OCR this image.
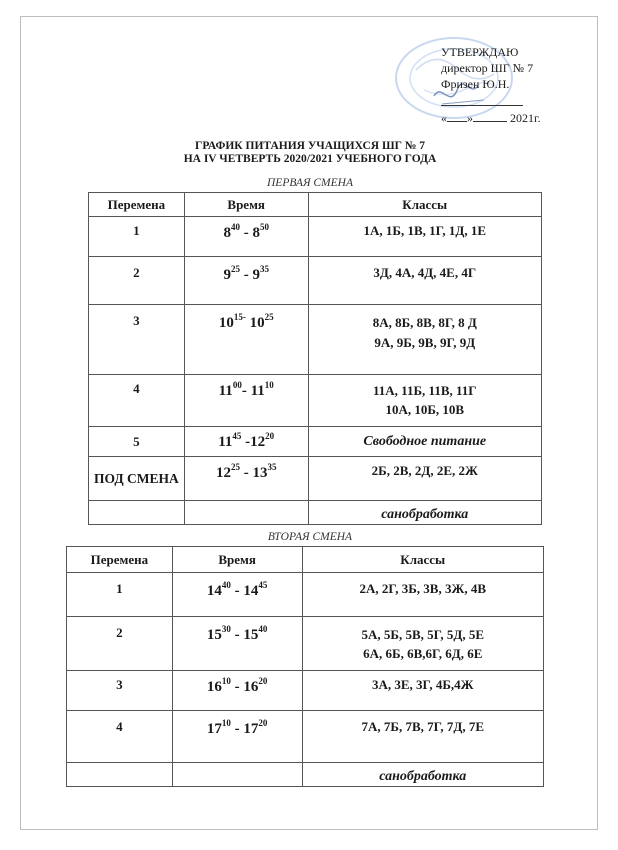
УТВЕРЖДАЮ
директор ШГ № 7
Фризен Ю.Н.
« »	2021г.
ГРАФИК ПИТАНИЯ УЧАЩИХСЯ ШГ № 7
НА IV ЧЕТВЕРТЬ 2020/2021 УЧЕБНОГО ГОДА
ПЕРВАЯ СМЕНА
Перемена	Время	Классы
1	$8^{40} - 8^{50}$	1А, 1Б, 1В, 1Г, 1Д, 1Е

2	$9^{25} - 9^{35}$	3Д, 4А, 4Д, 4Е, 4Г

3	$10^{15-}$ $10^{25}$	8А, 8Б, 8В, 8Г, 8 Д
9А, 9Б, 9В, 9Г, 9Д

4	$11^{00}-$ $11^{10}$	11А, 11Б, 11В, 11Г
10А, 10Б, 10В

5	$11^{45}$ $-12^{20}$	Свободное питание

ПОД СМЕНА	$12^{25} - 13^{35}$	2Б, 2В, 2Д, 2Е, 2Ж

		санобработка
ВТОРАЯ СМЕНА
Перемена	Время	Классы
1	$14^{40} - 14^{45}$	2А, 2Г, 3Б, 3В, 3Ж, 4В

2	$15^{30} - 15^{40}$	5А, 5Б, 5В, 5Г, 5Д, 5Е
6А, 6Б, 6В,6Г, 6Д, 6Е

3	$16^{10} - 16^{20}$	3А, 3Е, 3Г, 4Б,4Ж

4	$17^{10} - 17^{20}$	7А, 7Б, 7В, 7Г, 7Д, 7Е

		санобработка
